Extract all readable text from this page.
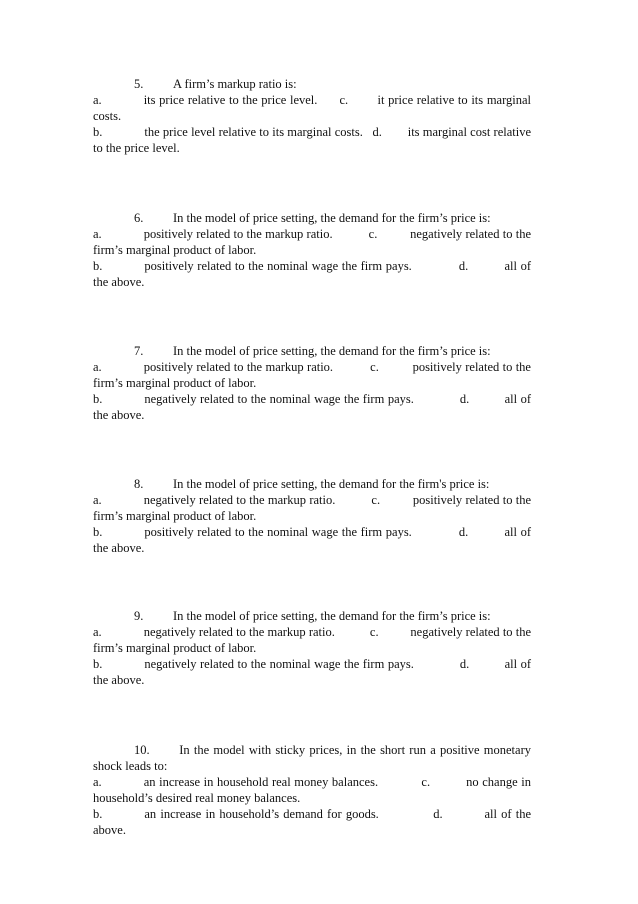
5. A firm’s markup ratio is:
a.	its price relative to the price level. c. it price relative to its marginal costs.
b.	the price level relative to its marginal costs. d. its marginal cost relative to the price level.
6. In the model of price setting, the demand for the firm’s price is:
a.	positively related to the markup ratio.	c.	negatively related to the firm’s marginal product of labor.
b.	positively related to the nominal wage the firm pays.	d.	all of the above.
7. In the model of price setting, the demand for the firm’s price is:
a.	positively related to the markup ratio.	c.	positively related to the firm’s marginal product of labor.
b.	negatively related to the nominal wage the firm pays.	d.	all of the above.
8. In the model of price setting, the demand for the firm's price is:
a.	negatively related to the markup ratio.	c.	positively related to the firm’s marginal product of labor.
b.	positively related to the nominal wage the firm pays.	d.	all of the above.
9. In the model of price setting, the demand for the firm’s price is:
a.	negatively related to the markup ratio.	c.	negatively related to the firm’s marginal product of labor.
b.	negatively related to the nominal wage the firm pays.	d.	all of the above.
10. In the model with sticky prices, in the short run a positive monetary shock leads to:
a.	an increase in household real money balances.	c.	no change in household’s desired real money balances.
b.	an increase in household’s demand for goods.	d.	all of the above.
